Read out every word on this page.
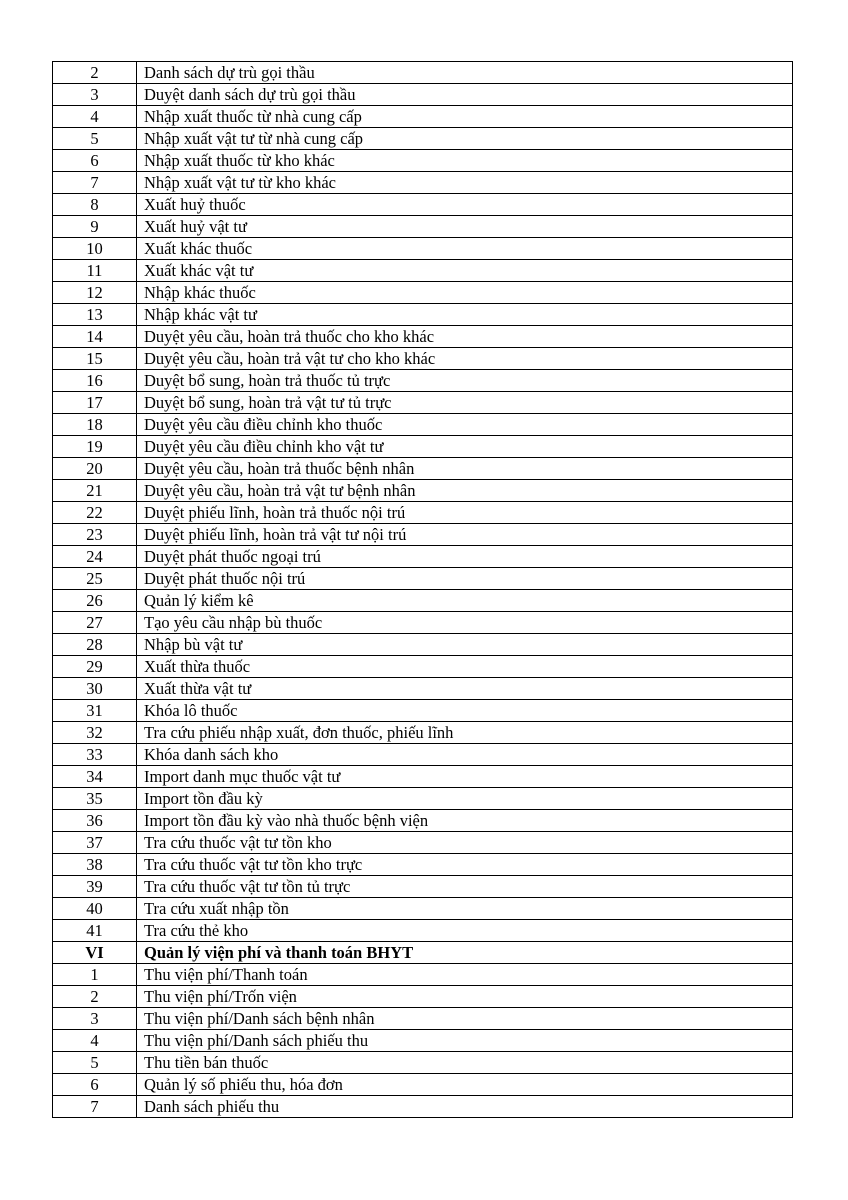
2	Danh sách dự trù gọi thầu
3	Duyệt danh sách dự trù gọi thầu
4	Nhập xuất thuốc từ nhà cung cấp
5	Nhập xuất vật tư từ nhà cung cấp
6	Nhập xuất thuốc từ kho khác
7	Nhập xuất vật tư từ kho khác
8	Xuất huỷ thuốc
9	Xuất huỷ vật tư
10	Xuất khác thuốc
11	Xuất khác vật tư
12	Nhập khác thuốc
13	Nhập khác vật tư
14	Duyệt yêu cầu, hoàn trả thuốc cho kho khác
15	Duyệt yêu cầu, hoàn trả vật tư cho kho khác
16	Duyệt bổ sung, hoàn trả thuốc tủ trực
17	Duyệt bổ sung, hoàn trả vật tư tủ trực
18	Duyệt yêu cầu điều chỉnh kho thuốc
19	Duyệt yêu cầu điều chỉnh kho vật tư
20	Duyệt yêu cầu, hoàn trả thuốc bệnh nhân
21	Duyệt yêu cầu, hoàn trả vật tư bệnh nhân
22	Duyệt phiếu lĩnh, hoàn trả thuốc nội trú
23	Duyệt phiếu lĩnh, hoàn trả vật tư nội trú
24	Duyệt phát thuốc ngoại trú
25	Duyệt phát thuốc nội trú
26	Quản lý kiểm kê
27	Tạo yêu cầu nhập bù thuốc
28	Nhập bù vật tư
29	Xuất thừa thuốc
30	Xuất thừa vật tư
31	Khóa lô thuốc
32	Tra cứu phiếu nhập xuất, đơn thuốc, phiếu lĩnh
33	Khóa danh sách kho
34	Import danh mục thuốc vật tư
35	Import tồn đầu kỳ
36	Import tồn đầu kỳ vào nhà thuốc bệnh viện
37	Tra cứu thuốc vật tư tồn kho
38	Tra cứu thuốc vật tư tồn kho trực
39	Tra cứu thuốc vật tư tồn tủ trực
40	Tra cứu xuất nhập tồn
41	Tra cứu thẻ kho
VI	Quản lý viện phí và thanh toán BHYT
1	Thu viện phí/Thanh toán
2	Thu viện phí/Trốn viện
3	Thu viện phí/Danh sách bệnh nhân
4	Thu viện phí/Danh sách phiếu thu
5	Thu tiền bán thuốc
6	Quản lý số phiếu thu, hóa đơn
7	Danh sách phiếu thu
